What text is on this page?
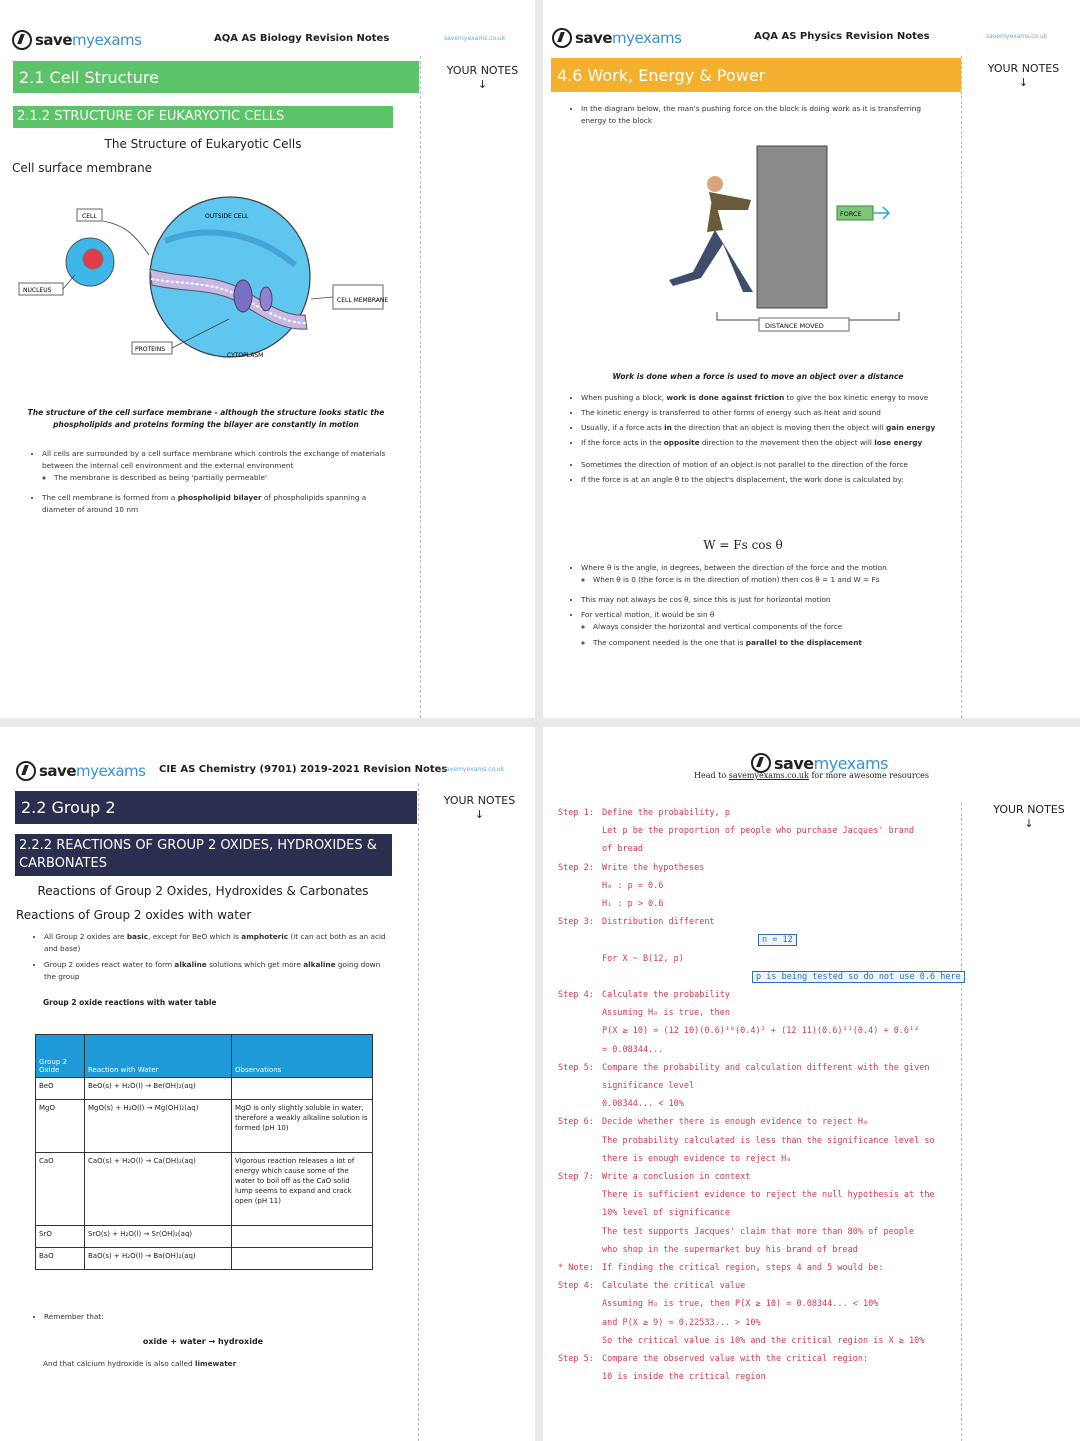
save my exams	AQA AS Biology Revision Notes	savemyexams.co.uk
YOUR NOTES
↓
2.1 Cell Structure
2.1.2 STRUCTURE OF EUKARYOTIC CELLS
The Structure of Eukaryotic Cells
Cell surface membrane
CELL	OUTSIDE CELL
NUCLEUS
CELL MEMBRANE
PROTEINS
CYTOPLASM
The structure of the cell surface membrane - although the structure looks static the phospholipids and proteins forming the bilayer are constantly in motion
• All cells are surrounded by a cell surface membrane which controls the exchange of materials between the internal cell environment and the external environment
◦ The membrane is described as being 'partially permeable'
• The cell membrane is formed from a phospholipid bilayer of phospholipids spanning a diameter of around 10 nm
save my exams	AQA AS Physics Revision Notes	savemyexams.co.uk
YOUR NOTES
↓
4.6 Work, Energy & Power
• In the diagram below, the man's pushing force on the block is doing work as it is transferring energy to the block
FORCE
DISTANCE MOVED
Work is done when a force is used to move an object over a distance
• When pushing a block, work is done against friction to give the box kinetic energy to move
• The kinetic energy is transferred to other forms of energy such as heat and sound
• Usually, if a force acts in the direction that an object is moving then the object will gain energy
• If the force acts in the opposite direction to the movement then the object will lose energy
• Sometimes the direction of motion of an object is not parallel to the direction of the force
• If the force is at an angle θ to the object's displacement, the work done is calculated by:
W = Fs cos θ
• Where θ is the angle, in degrees, between the direction of the force and the motion
◦ When θ is 0 (the force is in the direction of motion) then cos θ = 1 and W = Fs
• This may not always be cos θ, since this is just for horizontal motion
• For vertical motion, it would be sin θ
◦ Always consider the horizontal and vertical components of the force
◦ The component needed is the one that is parallel to the displacement
save my exams CIE AS Chemistry (9701) 2019-2021 Revision Notes
savemyexams.co.uk
YOUR NOTES
↓
2.2 Group 2
2.2.2 REACTIONS OF GROUP 2 OXIDES, HYDROXIDES & CARBONATES
Reactions of Group 2 Oxides, Hydroxides & Carbonates
Reactions of Group 2 oxides with water
• All Group 2 oxides are basic, except for BeO which is amphoteric (it can act both as an acid and base)
• Group 2 oxides react water to form alkaline solutions which get more alkaline going down the group
Group 2 oxide reactions with water table
Group 2 Oxide	Reaction with Water	Observations
BeO	BeO(s) + H₂O(l) → Be(OH)₂(aq)	
MgO	MgO(s) + H₂O(l) → Mg(OH)₂(aq)	MgO is only slightly soluble in water, therefore a weakly alkaline solution is formed (pH 10)
CaO	CaO(s) + H₂O(l) → Ca(OH)₂(aq)	Vigorous reaction releases a lot of energy which cause some of the water to boil off as the CaO solid lump seems to expand and crack open (pH 11)
SrO	SrO(s) + H₂O(l) → Sr(OH)₂(aq)	
BaO	BaO(s) + H₂O(l) → Ba(OH)₂(aq)	
• Remember that:
oxide + water → hydroxide
And that calcium hydroxide is also called limewater
save my exams
Head to savemyexams.co.uk for more awesome resources
YOUR NOTES
↓
Step 1: Define the probability, p
Let p be the proportion of people who purchase Jacques' brand
of bread
Step 2: Write the hypotheses
H₀ : p = 0.6
H₁ : p > 0.6
Step 3: Distribution different
n = 12
For X ~ B(12, p)
p is being tested so do not use 0.6 here
Step 4: Calculate the probability
Assuming H₀ is true, then
P(X ≥ 10) = (12 10)(0.6)¹⁰(0.4)² + (12 11)(0.6)¹¹(0.4) + 0.6¹²
= 0.08344...
Step 5: Compare the probability and calculation different with the given
significance level
0.08344... < 10%
Step 6: Decide whether there is enough evidence to reject H₀
The probability calculated is less than the significance level so
there is enough evidence to reject H₀
Step 7: Write a conclusion in context
There is sufficient evidence to reject the null hypothesis at the
10% level of significance
The test supports Jacques' claim that more than 80% of people
who shop in the supermarket buy his brand of bread
* Note: If finding the critical region, steps 4 and 5 would be:
Step 4: Calculate the critical value
Assuming H₀ is true, then P(X ≥ 10) = 0.08344... < 10%
and P(X ≥ 9) = 0.22533... > 10%
So the critical value is 10% and the critical region is X ≥ 10%
Step 5: Compare the observed value with the critical region:
10 is inside the critical region
